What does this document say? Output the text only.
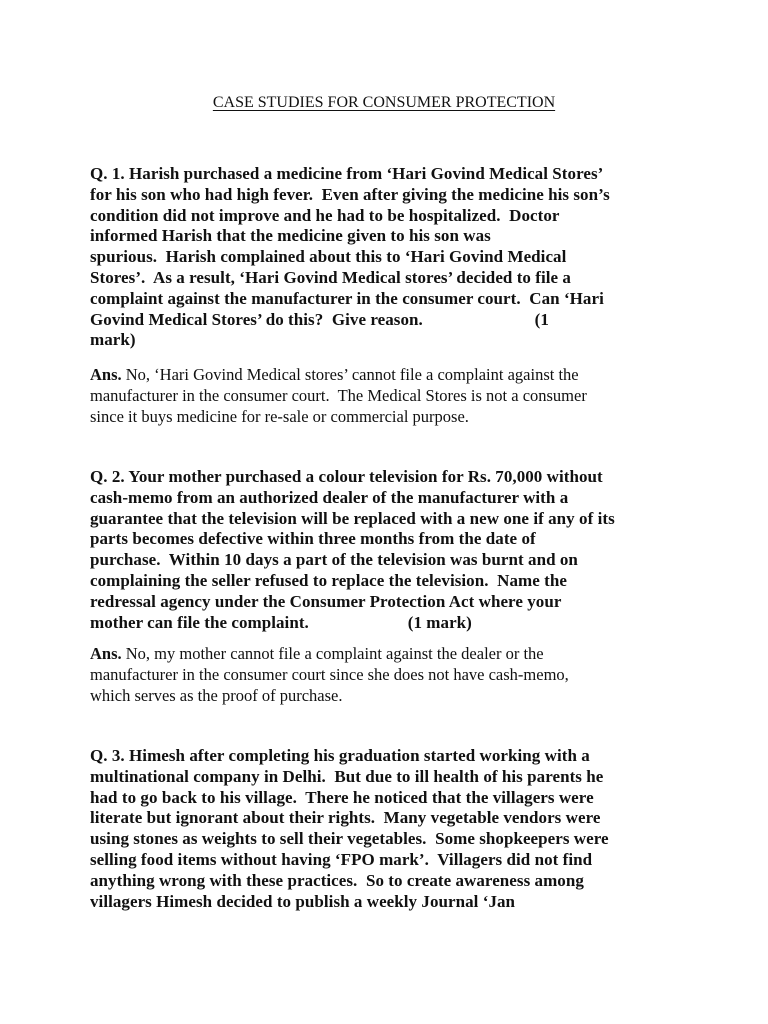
CASE STUDIES FOR CONSUMER PROTECTION
Q. 1. Harish purchased a medicine from ‘Hari Govind Medical Stores’
for his son who had high fever.  Even after giving the medicine his son’s
condition did not improve and he had to be hospitalized.  Doctor
informed Harish that the medicine given to his son was
spurious.  Harish complained about this to ‘Hari Govind Medical
Stores’.  As a result, ‘Hari Govind Medical stores’ decided to file a
complaint against the manufacturer in the consumer court.  Can ‘Hari
Govind Medical Stores’ do this?  Give reason.                          (1
mark)
Ans. No, ‘Hari Govind Medical stores’ cannot file a complaint against the
manufacturer in the consumer court.  The Medical Stores is not a consumer
since it buys medicine for re-sale or commercial purpose.
Q. 2. Your mother purchased a colour television for Rs. 70,000 without
cash-memo from an authorized dealer of the manufacturer with a
guarantee that the television will be replaced with a new one if any of its
parts becomes defective within three months from the date of
purchase.  Within 10 days a part of the television was burnt and on
complaining the seller refused to replace the television.  Name the
redressal agency under the Consumer Protection Act where your
mother can file the complaint.                       (1 mark)
Ans. No, my mother cannot file a complaint against the dealer or the
manufacturer in the consumer court since she does not have cash-memo,
which serves as the proof of purchase.
Q. 3. Himesh after completing his graduation started working with a
multinational company in Delhi.  But due to ill health of his parents he
had to go back to his village.  There he noticed that the villagers were
literate but ignorant about their rights.  Many vegetable vendors were
using stones as weights to sell their vegetables.  Some shopkeepers were
selling food items without having ‘FPO mark’.  Villagers did not find
anything wrong with these practices.  So to create awareness among
villagers Himesh decided to publish a weekly Journal ‘Jan
